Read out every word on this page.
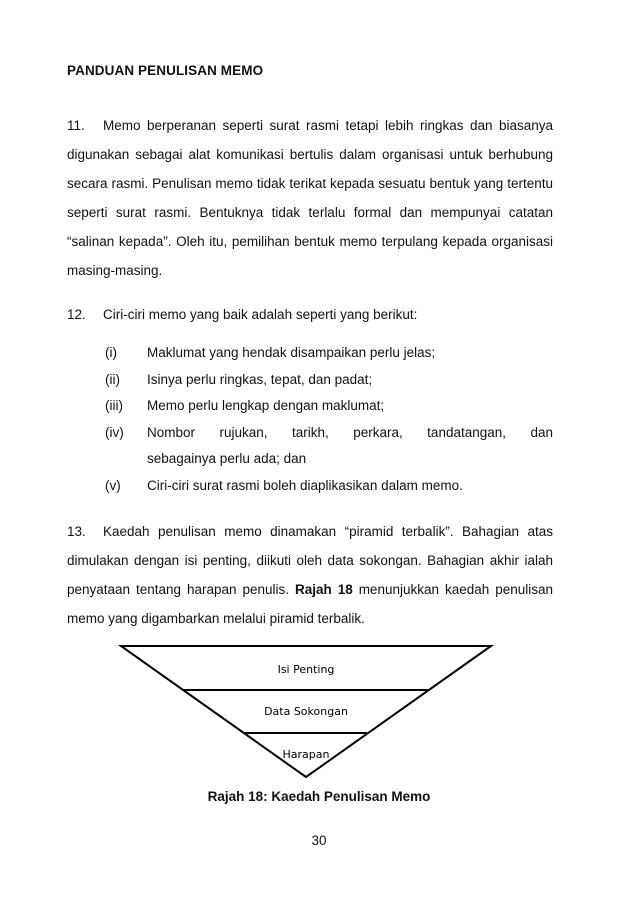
PANDUAN PENULISAN MEMO
11. Memo berperanan seperti surat rasmi tetapi lebih ringkas dan biasanya digunakan sebagai alat komunikasi bertulis dalam organisasi untuk berhubung secara rasmi. Penulisan memo tidak terikat kepada sesuatu bentuk yang tertentu seperti surat rasmi. Bentuknya tidak terlalu formal dan mempunyai catatan “salinan kepada”. Oleh itu, pemilihan bentuk memo terpulang kepada organisasi masing-masing.
12. Ciri-ciri memo yang baik adalah seperti yang berikut:
(i) Maklumat yang hendak disampaikan perlu jelas;
(ii) Isinya perlu ringkas, tepat, dan padat;
(iii) Memo perlu lengkap dengan maklumat;
(iv) Nombor rujukan, tarikh, perkara, tandatangan, dan
sebagainya perlu ada; dan
(v) Ciri-ciri surat rasmi boleh diaplikasikan dalam memo.
13. Kaedah penulisan memo dinamakan “piramid terbalik”. Bahagian atas dimulakan dengan isi penting, diikuti oleh data sokongan. Bahagian akhir ialah penyataan tentang harapan penulis. Rajah 18 menunjukkan kaedah penulisan memo yang digambarkan melalui piramid terbalik.
Isi Penting
Data Sokongan
Harapan
Rajah 18: Kaedah Penulisan Memo
30
